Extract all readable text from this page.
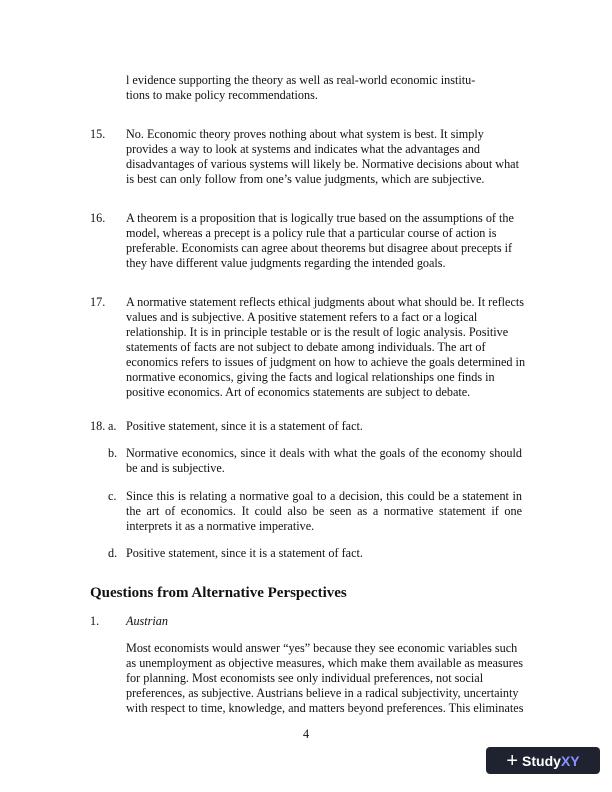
l evidence supporting the theory as well as real-world economic institu-
tions to make policy recommendations.
15. No. Economic theory proves nothing about what system is best. It simply
provides a way to look at systems and indicates what the advantages and
disadvantages of various systems will likely be. Normative decisions about what
is best can only follow from one’s value judgments, which are subjective.
16. A theorem is a proposition that is logically true based on the assumptions of the
model, whereas a precept is a policy rule that a particular course of action is
preferable. Economists can agree about theorems but disagree about precepts if
they have different value judgments regarding the intended goals.
17. A normative statement reflects ethical judgments about what should be. It reflects
values and is subjective. A positive statement refers to a fact or a logical
relationship. It is in principle testable or is the result of logic analysis. Positive
statements of facts are not subject to debate among individuals. The art of
economics refers to issues of judgment on how to achieve the goals determined in
normative economics, giving the facts and logical relationships one finds in
positive economics. Art of economics statements are subject to debate.
18. a. Positive statement, since it is a statement of fact.
b. Normative economics, since it deals with what the goals of the economy should
be and is subjective.
c. Since this is relating a normative goal to a decision, this could be a statement in
the art of economics. It could also be seen as a normative statement if one
interprets it as a normative imperative.
d. Positive statement, since it is a statement of fact.
Questions from Alternative Perspectives
1. Austrian
Most economists would answer “yes” because they see economic variables such
as unemployment as objective measures, which make them available as measures
for planning. Most economists see only individual preferences, not social
preferences, as subjective. Austrians believe in a radical subjectivity, uncertainty
with respect to time, knowledge, and matters beyond preferences. This eliminates
4
+ Study XY
